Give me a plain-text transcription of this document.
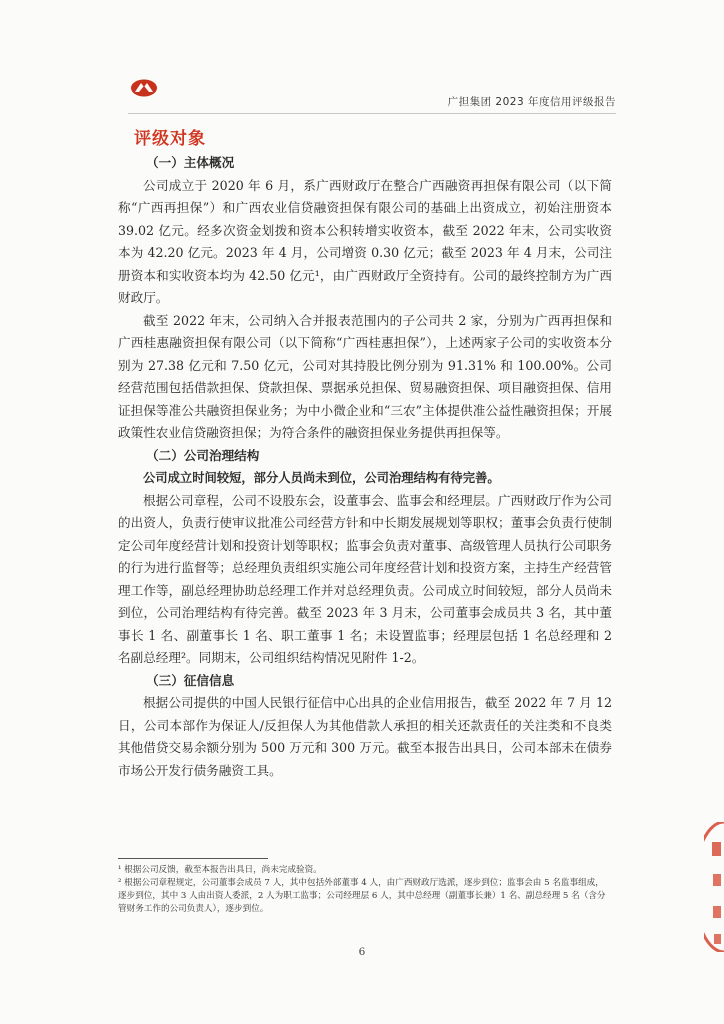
广担集团 2023 年度信用评级报告
评级对象
（一）主体概况

公司成立于 2020 年 6 月，系广西财政厅在整合广西融资再担保有限公司（以下简称“广西再担保”）和广西农业信贷融资担保有限公司的基础上出资成立，初始注册资本 39.02 亿元。经多次资金划拨和资本公积转增实收资本，截至 2022 年末，公司实收资本为 42.20 亿元。2023 年 4 月，公司增资 0.30 亿元；截至 2023 年 4 月末，公司注册资本和实收资本均为 42.50 亿元¹，由广西财政厅全资持有。公司的最终控制方为广西财政厅。

截至 2022 年末，公司纳入合并报表范围内的子公司共 2 家，分别为广西再担保和广西桂惠融资担保有限公司（以下简称“广西桂惠担保”），上述两家子公司的实收资本分别为 27.38 亿元和 7.50 亿元，公司对其持股比例分别为 91.31% 和 100.00%。公司经营范围包括借款担保、贷款担保、票据承兑担保、贸易融资担保、项目融资担保、信用证担保等准公共融资担保业务；为中小微企业和“三农”主体提供准公益性融资担保；开展政策性农业信贷融资担保；为符合条件的融资担保业务提供再担保等。

（二）公司治理结构

公司成立时间较短，部分人员尚未到位，公司治理结构有待完善。

根据公司章程，公司不设股东会，设董事会、监事会和经理层。广西财政厅作为公司的出资人，负责行使审议批准公司经营方针和中长期发展规划等职权；董事会负责行使制定公司年度经营计划和投资计划等职权；监事会负责对董事、高级管理人员执行公司职务的行为进行监督等；总经理负责组织实施公司年度经营计划和投资方案，主持生产经营管理工作等，副总经理协助总经理工作并对总经理负责。公司成立时间较短，部分人员尚未到位，公司治理结构有待完善。截至 2023 年 3 月末，公司董事会成员共 3 名，其中董事长 1 名、副董事长 1 名、职工董事 1 名；未设置监事；经理层包括 1 名总经理和 2 名副总经理²。同期末，公司组织结构情况见附件 1-2。

（三）征信信息

根据公司提供的中国人民银行征信中心出具的企业信用报告，截至 2022 年 7 月 12 日，公司本部作为保证人/反担保人为其他借款人承担的相关还款责任的关注类和不良类其他借贷交易余额分别为 500 万元和 300 万元。截至本报告出具日，公司本部未在债券市场公开发行债务融资工具。

¹ 根据公司反馈，截至本报告出具日，尚未完成验资。

² 根据公司章程规定，公司董事会成员 7 人，其中包括外部董事 4 人，由广西财政厅选派，逐步到位；监事会由 5 名监事组成，逐步到位，其中 3 人由出资人委派，2 人为职工监事；公司经理层 6 人，其中总经理（副董事长兼）1 名、副总经理 5 名（含分管财务工作的公司负责人），逐步到位。

6
